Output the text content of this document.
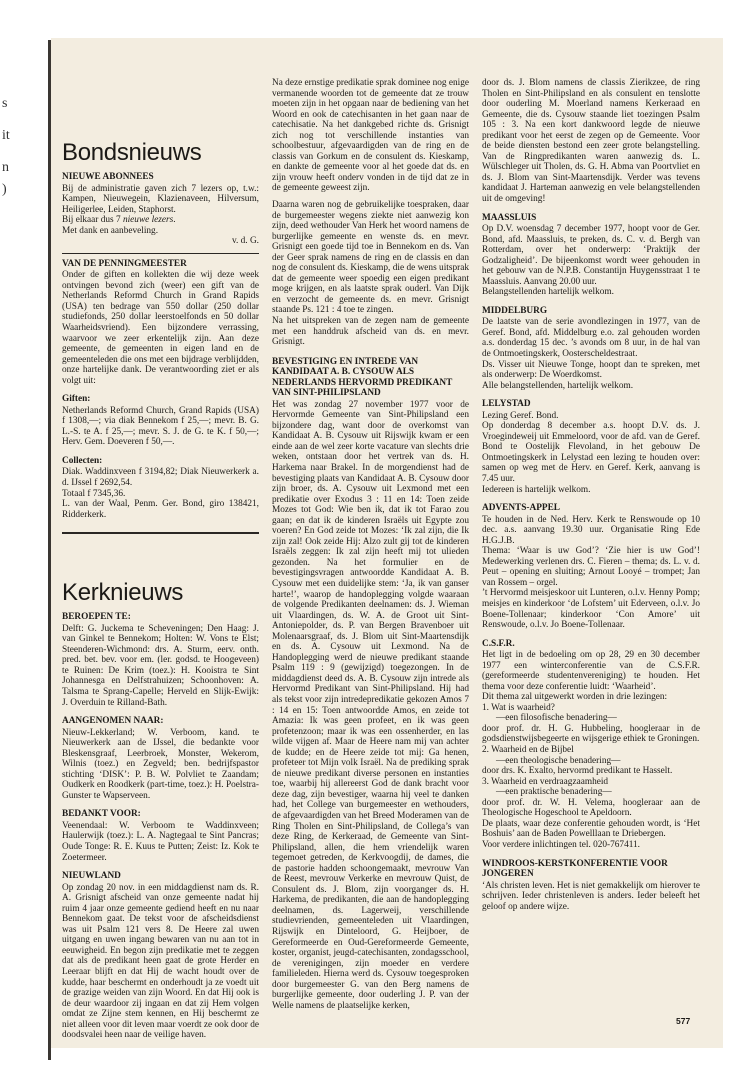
s
it
n
)
Bondsnieuws
NIEUWE ABONNEES

Bij de administratie gaven zich 7 lezers op, t.w.: Kampen, Nieuwegein, Klazienaveen, Hilversum, Heiligerlee, Leiden, Staphorst.

Bij elkaar dus 7 nieuwe lezers.

Met dank en aanbeveling.

v. d. G.

VAN DE PENNINGMEESTER

Onder de giften en kollekten die wij deze week ontvingen bevond zich (weer) een gift van de Netherlands Reformd Church in Grand Rapids (USA) ten bedrage van 550 dollar (250 dollar studiefonds, 250 dollar leerstoelfonds en 50 dollar Waarheidsvriend). Een bijzondere verrassing, waarvoor we zeer erkentelijk zijn. Aan deze gemeente, de gemeenten in eigen land en de gemeenteleden die ons met een bijdrage verblijdden, onze hartelijke dank. De verantwoording ziet er als volgt uit:

Giften:

Netherlands Reformd Church, Grand Rapids (USA) f 1308,—; via diak Bennekom f 25,—; mevr. B. G. L.-S. te A. f 25,—; mevr. S. J. de G. te K. f 50,—; Herv. Gem. Doeveren f 50,—.

Collecten:

Diak. Waddinxveen f 3194,82; Diak Nieuwerkerk a. d. IJssel f 2692,54.

Totaal f 7345,36.

L. van der Waal, Penm. Ger. Bond, giro 138421, Ridderkerk.

Kerknieuws
BEROEPEN TE:

Delft: G. Juckema te Scheveningen; Den Haag: J. van Ginkel te Bennekom; Holten: W. Vons te Elst; Steenderen-Wichmond: drs. A. Sturm, eerv. onth. pred. bet. bev. voor em. (ler. godsd. te Hoogeveen) te Ruinen: De Krim (toez.): H. Kooistra te Sint Johannesga en Delfstrahuizen; Schoonhoven: A. Talsma te Sprang-Capelle; Herveld en Slijk-Ewijk: J. Overduin te Rilland-Bath.

AANGENOMEN NAAR:

Nieuw-Lekkerland; W. Verboom, kand. te Nieuwerkerk aan de IJssel, die bedankte voor Bleskensgraaf, Leerbroek, Monster, Wekerom, Wilnis (toez.) en Zegveld; ben. bedrijfspastor stichting ‘DISK’: P. B. W. Polvliet te Zaandam; Oudkerk en Roodkerk (part-time, toez.): H. Poelstra-Gunster te Wapserveen.

BEDANKT VOOR:

Veenendaal: W. Verboom te Waddinxveen; Haulerwijk (toez.): L. A. Nagtegaal te Sint Pancras; Oude Tonge: R. E. Kuus te Putten; Zeist: Iz. Kok te Zoetermeer.

NIEUWLAND

Op zondag 20 nov. in een middagdienst nam ds. R. A. Grisnigt afscheid van onze gemeente nadat hij ruim 4 jaar onze gemeente gediend heeft en nu naar Bennekom gaat. De tekst voor de afscheidsdienst was uit Psalm 121 vers 8. De Heere zal uwen uitgang en uwen ingang bewaren van nu aan tot in eeuwigheid. En begon zijn predikatie met te zeggen dat als de predikant heen gaat de grote Herder en Leeraar blijft en dat Hij de wacht houdt over de kudde, haar beschermt en onderhoudt ja ze voedt uit de grazige weiden van zijn Woord. En dat Hij ook is de deur waardoor zij ingaan en dat zij Hem volgen omdat ze Zijne stem kennen, en Hij beschermt ze niet alleen voor dit leven maar voerdt ze ook door de doodsvalei heen naar de veilige haven.

Na deze ernstige predikatie sprak dominee nog enige vermanende woorden tot de gemeente dat ze trouw moeten zijn in het opgaan naar de bediening van het Woord en ook de catechisanten in het gaan naar de catechisatie. Na het dankgebed richte ds. Grisnigt zich nog tot verschillende instanties van schoolbestuur, afgevaardigden van de ring en de classis van Gorkum en de consulent ds. Kieskamp, en dankte de gemeente voor al het goede dat ds. en zijn vrouw heeft onderv vonden in de tijd dat ze in de gemeente geweest zijn.

Daarna waren nog de gebruikelijke toespraken, daar de burgemeester wegens ziekte niet aanwezig kon zijn, deed wethouder Van Herk het woord namens de burgerlijke gemeente en wenste ds. en mevr. Grisnigt een goede tijd toe in Bennekom en ds. Van der Geer sprak namens de ring en de classis en dan nog de consulent ds. Kieskamp, die de wens uitsprak dat de gemeente weer spoedig een eigen predikant moge krijgen, en als laatste sprak ouderl. Van Dijk en verzocht de gemeente ds. en mevr. Grisnigt staande Ps. 121 : 4 toe te zingen.

Na het uitspreken van de zegen nam de gemeente met een handdruk afscheid van ds. en mevr. Grisnigt.

BEVESTIGING EN INTREDE VAN KANDIDAAT A. B. CYSOUW ALS NEDERLANDS HERVORMD PREDIKANT VAN SINT-PHILIPSLAND

Het was zondag 27 november 1977 voor de Hervormde Gemeente van Sint-Philipsland een bijzondere dag, want door de overkomst van Kandidaat A. B. Cysouw uit Rijswijk kwam er een einde aan de wel zeer korte vacature van slechts drie weken, ontstaan door het vertrek van ds. H. Harkema naar Brakel. In de morgendienst had de bevestiging plaats van Kandidaat A. B. Cysouw door zijn broer, ds. A. Cysouw uit Lexmond met een predikatie over Exodus 3 : 11 en 14: Toen zeide Mozes tot God: Wie ben ik, dat ik tot Farao zou gaan; en dat ik de kinderen Israëls uit Egypte zou voeren? En God zeide tot Mozes: ‘Ik zal zijn, die Ik zijn zal! Ook zeide Hij: Alzo zult gij tot de kinderen Israëls zeggen: Ik zal zijn heeft mij tot ulieden gezonden. Na het formulier en de bevestigingsvragen antwoordde Kandidaat A. B. Cysouw met een duidelijke stem: ‘Ja, ik van ganser harte!’, waarop de handoplegging volgde waaraan de volgende Predikanten deelnamen: ds. J. Wieman uit Vlaardingen, ds. W. A. de Groot uit Sint-Antoniepolder, ds. P. van Bergen Bravenboer uit Molenaarsgraaf, ds. J. Blom uit Sint-Maartensdijk en ds. A. Cysouw uit Lexmond. Na de Handoplegging werd de nieuwe predikant staande Psalm 119 : 9 (gewijzigd) toegezongen. In de middagdienst deed ds. A. B. Cysouw zijn intrede als Hervormd Predikant van Sint-Philipsland. Hij had als tekst voor zijn intredepredikatie gekozen Amos 7 : 14 en 15: Toen antwoordde Amos, en zeide tot Amazia: Ik was geen profeet, en ik was geen profetenzoon; maar ik was een ossenherder, en las wilde vijgen af. Maar de Heere nam mij van achter de kudde; en de Heere zeide tot mij: Ga henen, profeteer tot Mijn volk Israël. Na de prediking sprak de nieuwe predikant diverse personen en instanties toe, waarbij hij allereerst God de dank bracht voor deze dag, zijn bevestiger, waarna hij veel te danken had, het College van burgemeester en wethouders, de afgevaardigden van het Breed Moderamen van de Ring Tholen en Sint-Philipsland, de Collega’s van deze Ring, de Kerkeraad, de Gemeente van Sint-Philipsland, allen, die hem vriendelijk waren tegemoet getreden, de Kerkvoogdij, de dames, die de pastorie hadden schoongemaakt, mevrouw Van de Reest, mevrouw Verkerke en mevrouw Quist, de Consulent ds. J. Blom, zijn voorganger ds. H. Harkema, de predikanten, die aan de handoplegging deelnamen, ds. Lagerweij, verschillende studievrienden, gemeenteleden uit Vlaardingen, Rijswijk en Dinteloord, G. Heijboer, de Gereformeerde en Oud-Gereformeerde Gemeente, koster, organist, jeugd-catechisanten, zondagsschool, de verenigingen, zijn moeder en verdere familieleden. Hierna werd ds. Cysouw toegesproken door burgemeester G. van den Berg namens de burgerlijke gemeente, door ouderling J. P. van der Welle namens de plaatselijke kerken,

door ds. J. Blom namens de classis Zierikzee, de ring Tholen en Sint-Philipsland en als consulent en tenslotte door ouderling M. Moerland namens Kerkeraad en Gemeente, die ds. Cysouw staande liet toezingen Psalm 105 : 3. Na een kort dankwoord legde de nieuwe predikant voor het eerst de zegen op de Gemeente. Voor de beide diensten bestond een zeer grote belangstelling. Van de Ringpredikanten waren aanwezig ds. L. Wülschleger uit Tholen, ds. G. H. Abma van Poortvliet en ds. J. Blom van Sint-Maartensdijk. Verder was tevens kandidaat J. Harteman aanwezig en vele belangstellenden uit de omgeving!

MAASSLUIS

Op D.V. woensdag 7 december 1977, hoopt voor de Ger. Bond, afd. Maassluis, te preken, ds. C. v. d. Bergh van Rotterdam, over het onderwerp: ‘Praktijk der Godzaligheid’. De bijeenkomst wordt weer gehouden in het gebouw van de N.P.B. Constantijn Huygensstraat 1 te Maassluis. Aanvang 20.00 uur.

Belangstellenden hartelijk welkom.

MIDDELBURG

De laatste van de serie avondlezingen in 1977, van de Geref. Bond, afd. Middelburg e.o. zal gehouden worden a.s. donderdag 15 dec. ’s avonds om 8 uur, in de hal van de Ontmoetingskerk, Oosterscheldestraat.

Ds. Visser uit Nieuwe Tonge, hoopt dan te spreken, met als onderwerp: De Woerdkomst.

Alle belangstellenden, hartelijk welkom.

LELYSTAD

Lezing Geref. Bond.

Op donderdag 8 december a.s. hoopt D.V. ds. J. Vroegindeweij uit Emmeloord, voor de afd. van de Geref. Bond te Oostelijk Flevoland, in het gebouw De Ontmoetingskerk in Lelystad een lezing te houden over: samen op weg met de Herv. en Geref. Kerk, aanvang is 7.45 uur.

Iedereen is hartelijk welkom.

ADVENTS-APPEL

Te houden in de Ned. Herv. Kerk te Renswoude op 10 dec. a.s. aanvang 19.30 uur. Organisatie Ring Ede H.G.J.B.

Thema: ‘Waar is uw God’? ‘Zie hier is uw God’! Medewerking verlenen drs. C. Fieren – thema; ds. L. v. d. Peut – opening en sluiting; Arnout Looyé – trompet; Jan van Rossem – orgel.

’t Hervormd meisjeskoor uit Lunteren, o.l.v. Henny Pomp; meisjes en kinderkoor ‘de Lofstem’ uit Ederveen, o.l.v. Jo Boene-Tollenaar; kinderkoor ‘Con Amore’ uit Renswoude, o.l.v. Jo Boene-Tollenaar.

C.S.F.R.

Het ligt in de bedoeling om op 28, 29 en 30 december 1977 een winterconferentie van de C.S.F.R. (gereformeerde studentenvereniging) te houden. Het thema voor deze conferentie luidt: ‘Waarheid’.

Dit thema zal uitgewerkt worden in drie lezingen:

1. Wat is waarheid?

—een filosofische benadering—

door prof. dr. H. G. Hubbeling, hoogleraar in de godsdienstwijsbegeerte en wijsgerige ethiek te Groningen.

2. Waarheid en de Bijbel

—een theologische benadering—

door drs. K. Exalto, hervormd predikant te Hasselt.

3. Waarheid en verdraagzaamheid

—een praktische benadering—

door prof. dr. W. H. Velema, hoogleraar aan de Theologische Hogeschool te Apeldoorn.

De plaats, waar deze conferentie gehouden wordt, is ‘Het Boshuis’ aan de Baden Powelllaan te Driebergen.

Voor verdere inlichtingen tel. 020-767411.

WINDROOS-KERSTKONFERENTIE VOOR JONGEREN

‘Als christen leven. Het is niet gemakkelijk om hierover te schrijven. Ieder christenleven is anders. Ieder beleeft het geloof op andere wijze.

577
